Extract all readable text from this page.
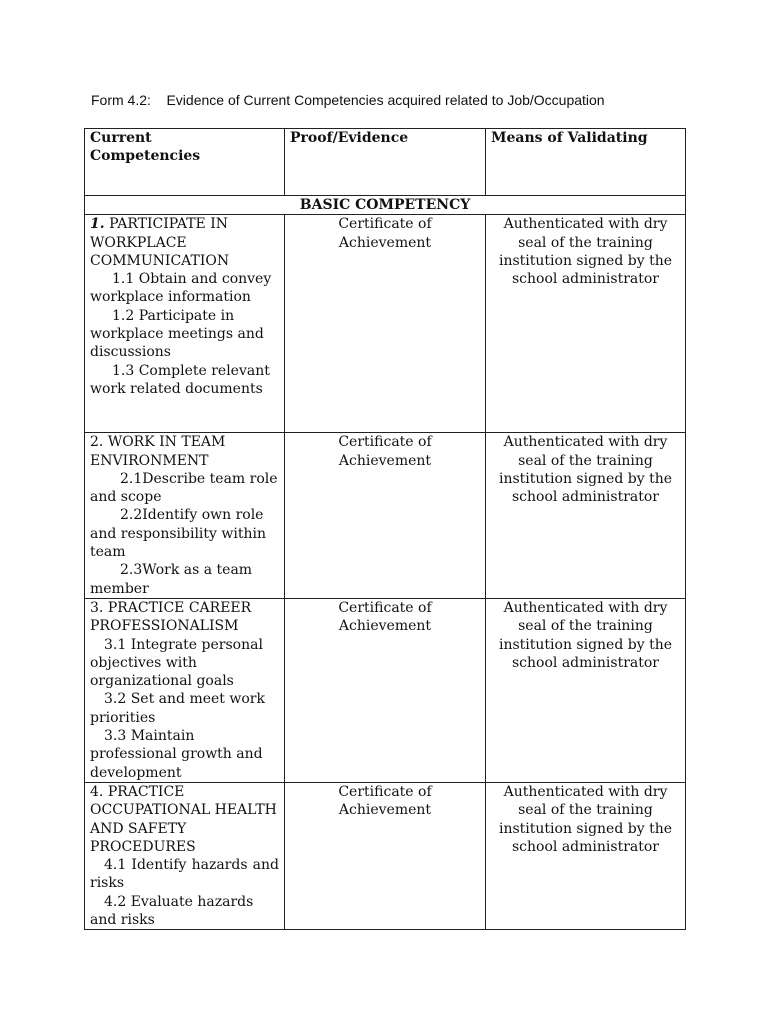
Form 4.2:    Evidence of Current Competencies acquired related to Job/Occupation
Current Competencies	Proof/Evidence	Means of Validating
BASIC COMPETENCY		
1. PARTICIPATE IN WORKPLACE COMMUNICATION
1.1 Obtain and convey workplace information
1.2 Participate in workplace meetings and discussions
1.3 Complete relevant work related documents	Certificate of Achievement	Authenticated with dry seal of the training institution signed by the school administrator
2. WORK IN TEAM ENVIRONMENT
2.1Describe team role and scope
2.2Identify own role and responsibility within team
2.3Work as a team member	Certificate of Achievement	Authenticated with dry seal of the training institution signed by the school administrator
3. PRACTICE CAREER PROFESSIONALISM
3.1 Integrate personal objectives with organizational goals
3.2 Set and meet work priorities
3.3 Maintain professional growth and development	Certificate of Achievement	Authenticated with dry seal of the training institution signed by the school administrator
4. PRACTICE OCCUPATIONAL HEALTH AND SAFETY PROCEDURES
4.1 Identify hazards and risks
4.2 Evaluate hazards and risks	Certificate of Achievement	Authenticated with dry seal of the training institution signed by the school administrator
